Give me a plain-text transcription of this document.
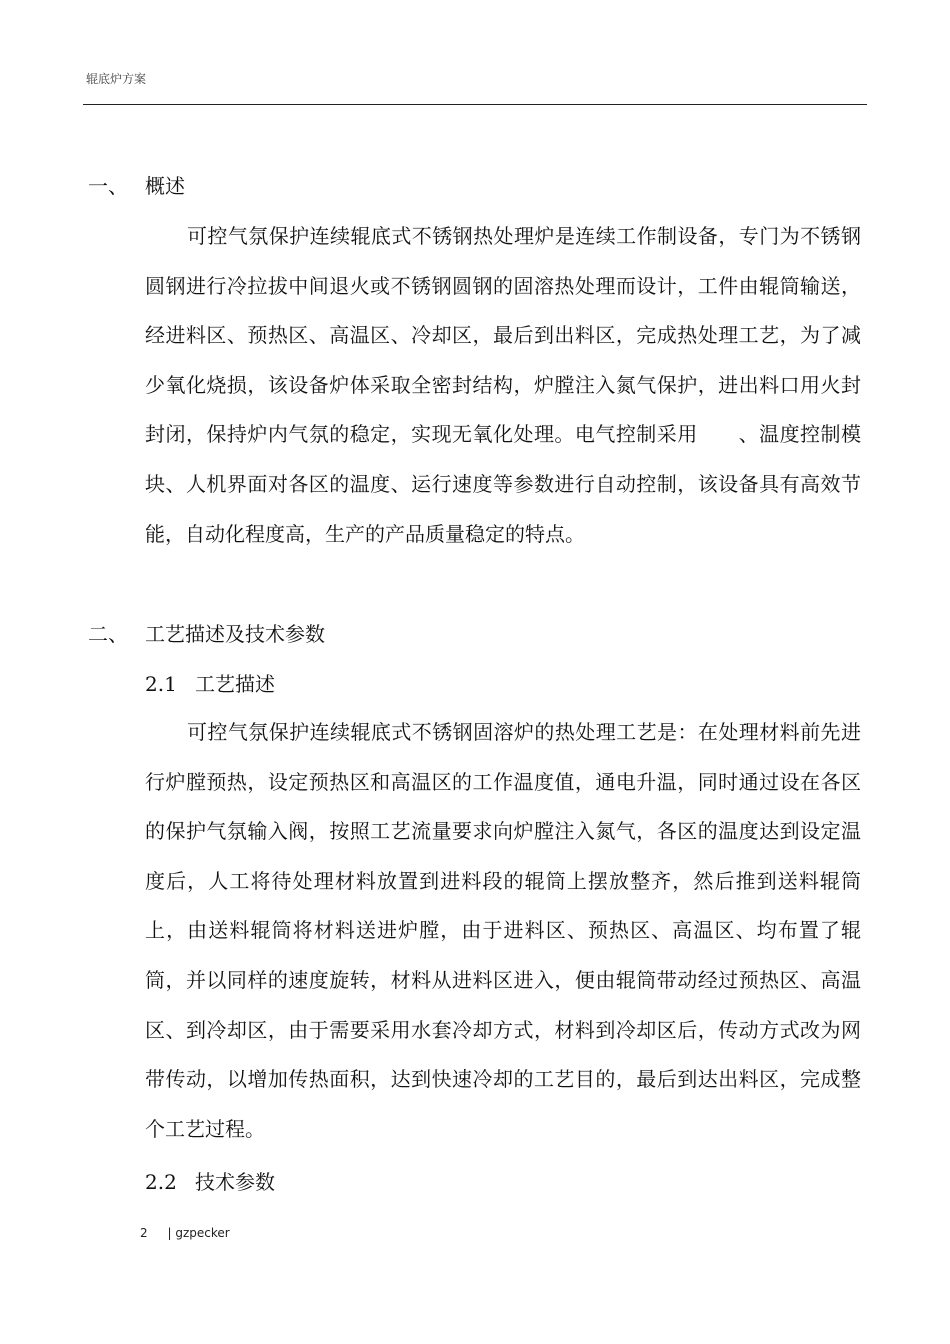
辊底炉方案
一、 概述
可控气氛保护连续辊底式不锈钢热处理炉是连续工作制设备，专门为不锈钢圆钢进行冷拉拔中间退火或不锈钢圆钢的固溶热处理而设计，工件由辊筒输送，经进料区、预热区、高温区、冷却区，最后到出料区，完成热处理工艺，为了减少氧化烧损，该设备炉体采取全密封结构，炉膛注入氮气保护，进出料口用火封封闭，保持炉内气氛的稳定，实现无氧化处理。电气控制采用　　、温度控制模块、人机界面对各区的温度、运行速度等参数进行自动控制，该设备具有高效节能，自动化程度高，生产的产品质量稳定的特点。
二、 工艺描述及技术参数
2.1 工艺描述
可控气氛保护连续辊底式不锈钢固溶炉的热处理工艺是：在处理材料前先进行炉膛预热，设定预热区和高温区的工作温度值，通电升温，同时通过设在各区的保护气氛输入阀，按照工艺流量要求向炉膛注入氮气，各区的温度达到设定温度后，人工将待处理材料放置到进料段的辊筒上摆放整齐，然后推到送料辊筒上，由送料辊筒将材料送进炉膛，由于进料区、预热区、高温区、均布置了辊筒，并以同样的速度旋转，材料从进料区进入，便由辊筒带动经过预热区、高温区、到冷却区，由于需要采用水套冷却方式，材料到冷却区后，传动方式改为网带传动，以增加传热面积，达到快速冷却的工艺目的，最后到达出料区，完成整个工艺过程。
2.2 技术参数
2 | gzpecker
